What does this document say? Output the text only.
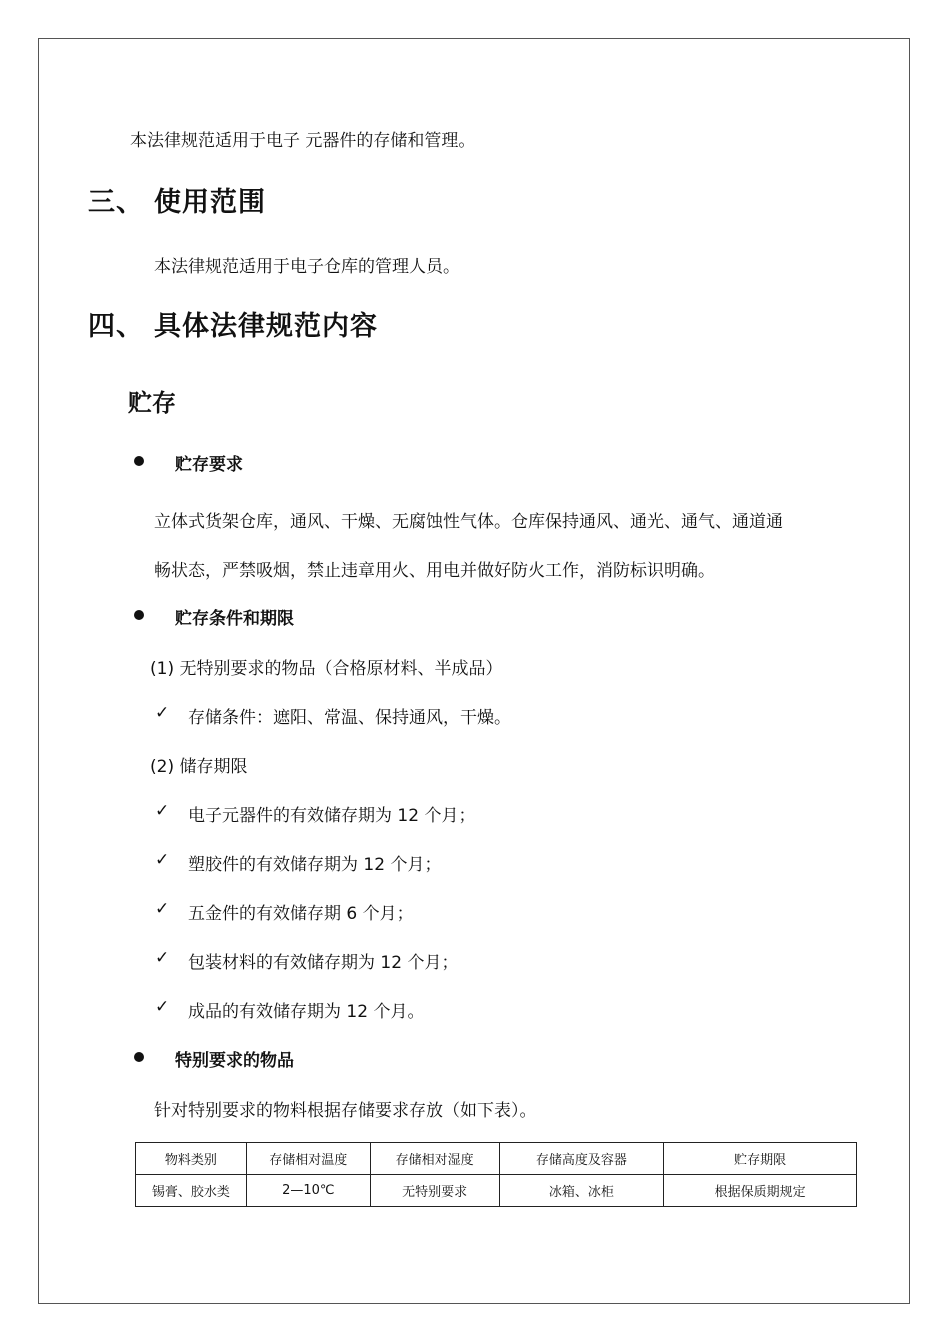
本法律规范适用于电子 元器件的存储和管理。
三、 使用范围
本法律规范适用于电子仓库的管理人员。
四、 具体法律规范内容
贮存
贮存要求
立体式货架仓库，通风、干燥、无腐蚀性气体。仓库保持通风、通光、通气、通道通
畅状态，严禁吸烟，禁止违章用火、用电并做好防火工作，消防标识明确。
贮存条件和期限
(1) 无特别要求的物品（合格原材料、半成品）
✓ 存储条件：遮阳、常温、保持通风，干燥。
(2) 储存期限
✓ 电子元器件的有效储存期为 12 个月；
✓ 塑胶件的有效储存期为 12 个月；
✓ 五金件的有效储存期 6 个月；
✓ 包装材料的有效储存期为 12 个月；
✓ 成品的有效储存期为 12 个月。
特别要求的物品
针对特别要求的物料根据存储要求存放（如下表）。
物料类别	存储相对温度	存储相对湿度	存储高度及容器	贮存期限
锡膏、胶水类	2—10℃	无特别要求	冰箱、冰柜	根据保质期规定
